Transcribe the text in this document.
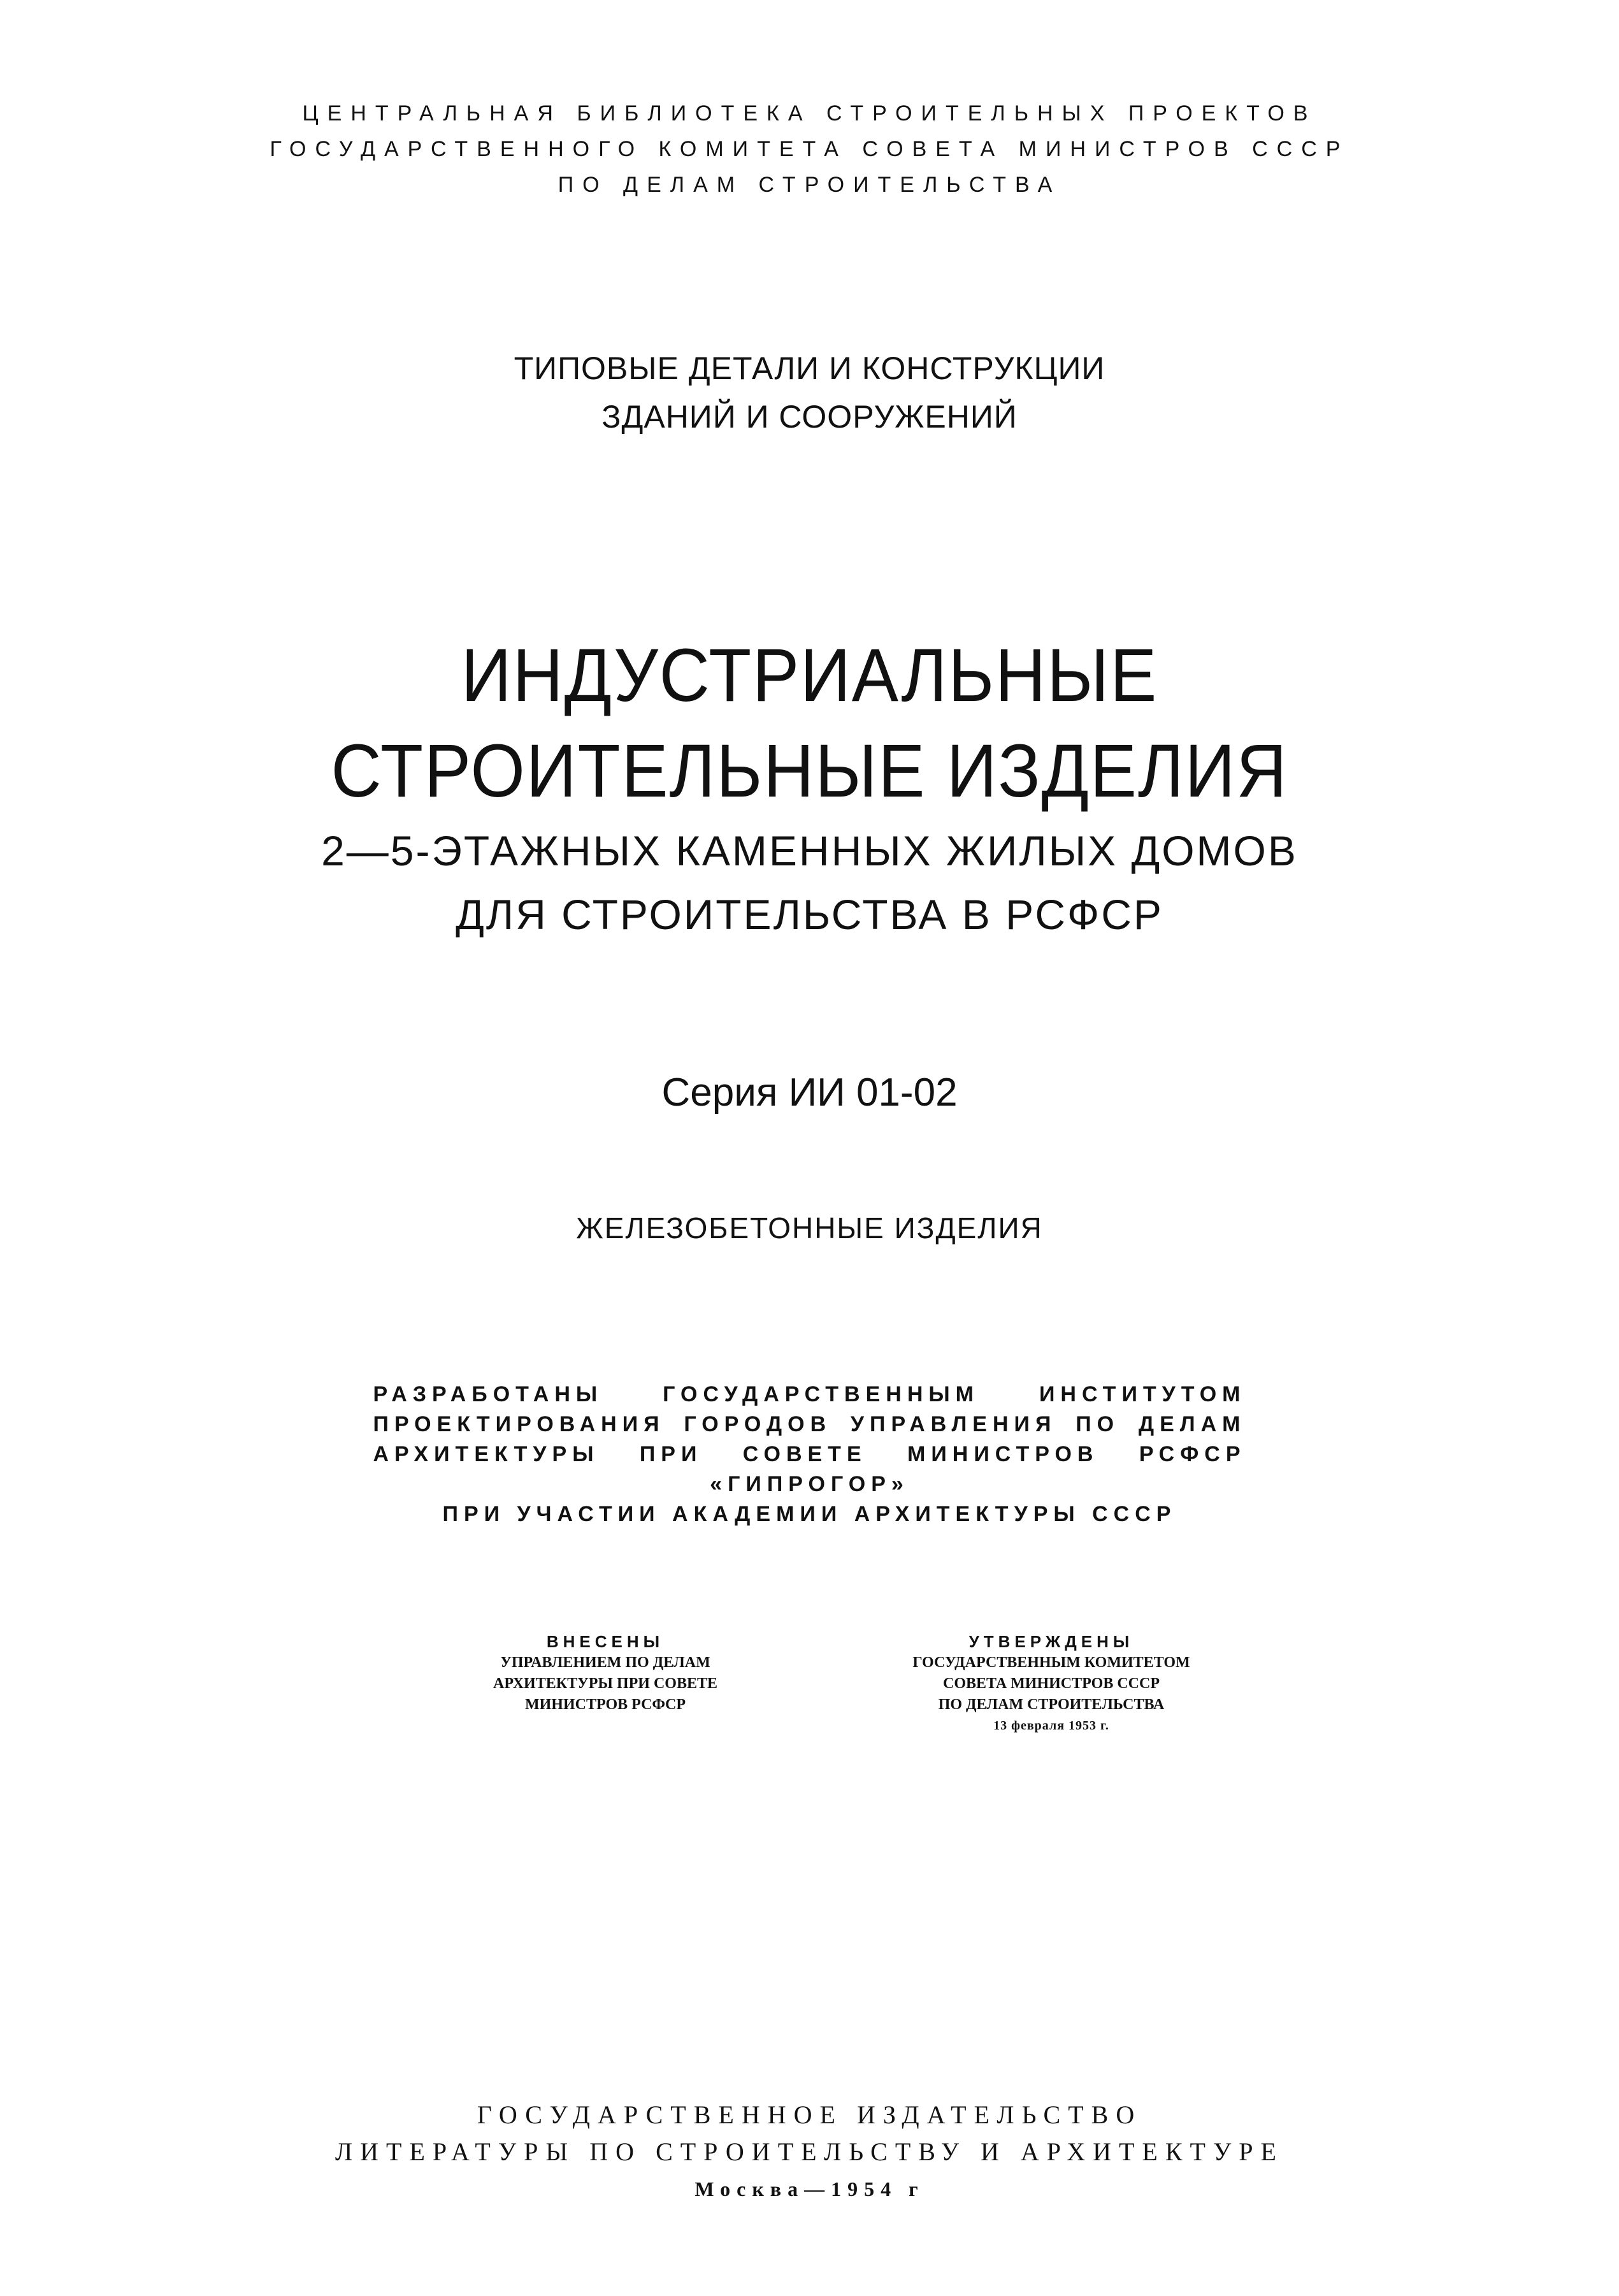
ЦЕНТРАЛЬНАЯ БИБЛИОТЕКА СТРОИТЕЛЬНЫХ ПРОЕКТОВ
ГОСУДАРСТВЕННОГО КОМИТЕТА СОВЕТА МИНИСТРОВ СССР
ПО ДЕЛАМ СТРОИТЕЛЬСТВА
ТИПОВЫЕ ДЕТАЛИ И КОНСТРУКЦИИ
ЗДАНИЙ И СООРУЖЕНИЙ
ИНДУСТРИАЛЬНЫЕ
СТРОИТЕЛЬНЫЕ ИЗДЕЛИЯ
2—5-ЭТАЖНЫХ КАМЕННЫХ ЖИЛЫХ ДОМОВ
ДЛЯ СТРОИТЕЛЬСТВА В РСФСР
Серия ИИ 01-02
ЖЕЛЕЗОБЕТОННЫЕ ИЗДЕЛИЯ
РАЗРАБОТАНЫ ГОСУДАРСТВЕННЫМ ИНСТИТУТОМ
ПРОЕКТИРОВАНИЯ ГОРОДОВ УПРАВЛЕНИЯ ПО ДЕЛАМ
АРХИТЕКТУРЫ ПРИ СОВЕТЕ МИНИСТРОВ РСФСР
«ГИПРОГОР»
ПРИ УЧАСТИИ АКАДЕМИИ АРХИТЕКТУРЫ СССР
ВНЕСЕНЫ
УПРАВЛЕНИЕМ ПО ДЕЛАМ
АРХИТЕКТУРЫ ПРИ СОВЕТЕ
МИНИСТРОВ РСФСР
УТВЕРЖДЕНЫ
ГОСУДАРСТВЕННЫМ КОМИТЕТОМ
СОВЕТА МИНИСТРОВ СССР
ПО ДЕЛАМ СТРОИТЕЛЬСТВА
13 февраля 1953 г.
ГОСУДАРСТВЕННОЕ ИЗДАТЕЛЬСТВО
ЛИТЕРАТУРЫ ПО СТРОИТЕЛЬСТВУ И АРХИТЕКТУРЕ
Москва—1954 г
